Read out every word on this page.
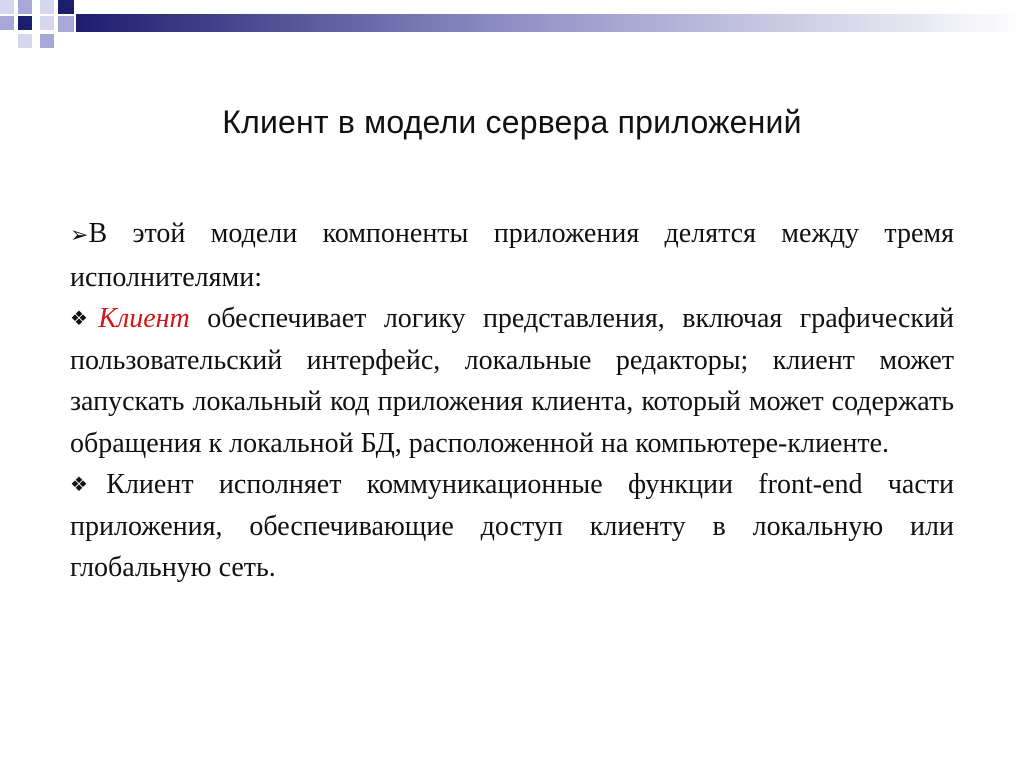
Клиент в модели сервера приложений

➢В этой модели компоненты приложения делятся между тремя исполнителями:

❖Клиент обеспечивает логику представления, включая графический пользовательский интерфейс, локальные редакторы; клиент может запускать локальный код приложения клиента, который может содержать обращения к локальной БД, расположенной на компьютере-клиенте.

❖Клиент исполняет коммуникационные функции front-end части приложения, обеспечивающие доступ клиенту в локальную или глобальную сеть.
